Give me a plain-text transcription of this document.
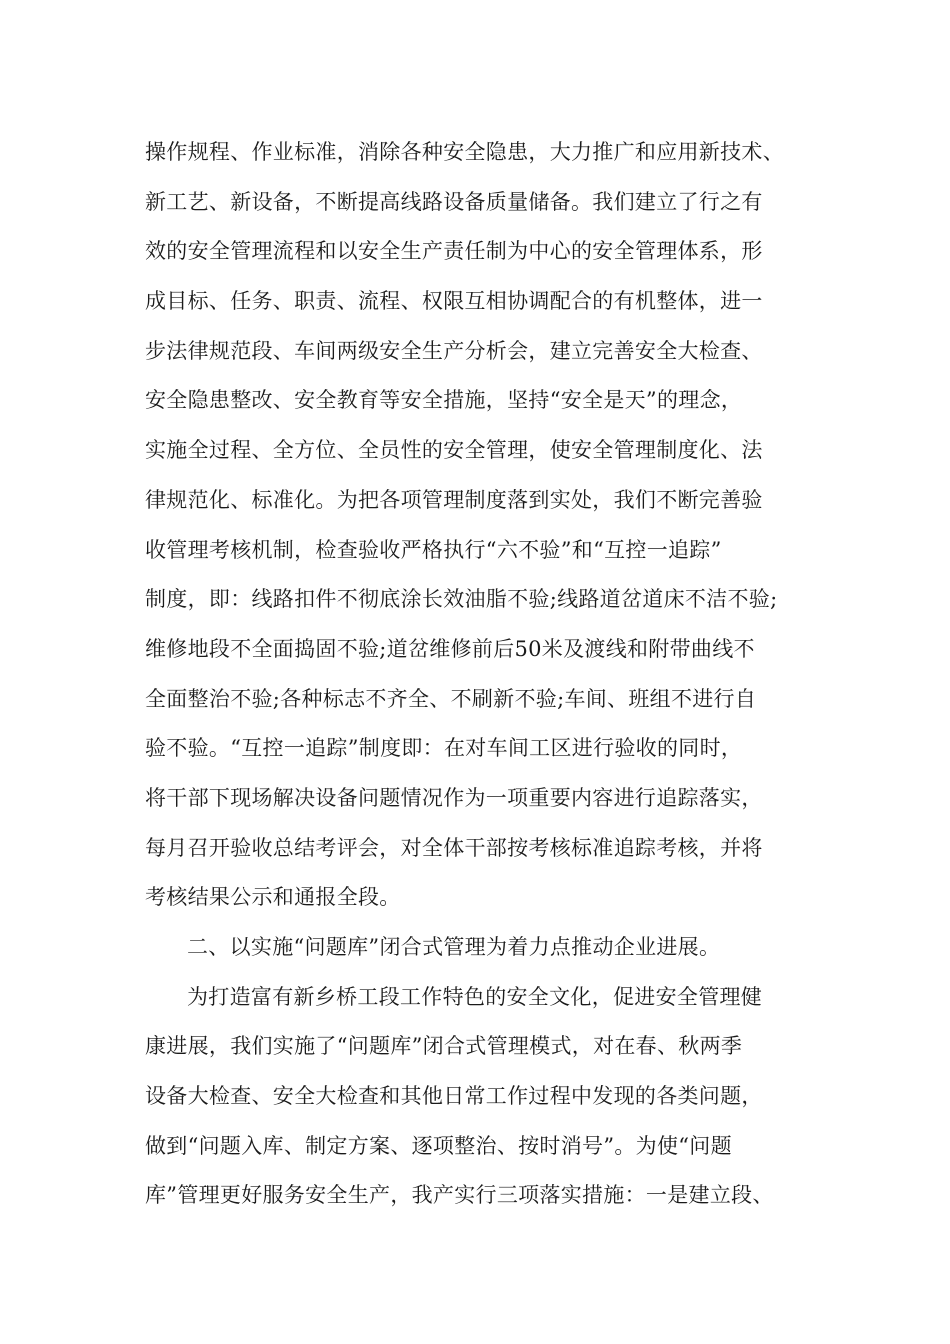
操作规程、作业标准，消除各种安全隐患，大力推广和应用新技术、
新工艺、新设备，不断提高线路设备质量储备。我们建立了行之有
效的安全管理流程和以安全生产责任制为中心的安全管理体系，形
成目标、任务、职责、流程、权限互相协调配合的有机整体，进一
步法律规范段、车间两级安全生产分析会，建立完善安全大检查、
安全隐患整改、安全教育等安全措施，坚持“安全是天”的理念，
实施全过程、全方位、全员性的安全管理，使安全管理制度化、法
律规范化、标准化。为把各项管理制度落到实处，我们不断完善验
收管理考核机制，检查验收严格执行“六不验”和“互控一追踪”
制度，即：线路扣件不彻底涂长效油脂不验;线路道岔道床不洁不验;
维修地段不全面捣固不验;道岔维修前后50米及渡线和附带曲线不
全面整治不验;各种标志不齐全、不刷新不验;车间、班组不进行自
验不验。“互控一追踪”制度即：在对车间工区进行验收的同时，
将干部下现场解决设备问题情况作为一项重要内容进行追踪落实，
每月召开验收总结考评会，对全体干部按考核标准追踪考核，并将
考核结果公示和通报全段。
二、以实施“问题库”闭合式管理为着力点推动企业进展。
为打造富有新乡桥工段工作特色的安全文化，促进安全管理健
康进展，我们实施了“问题库”闭合式管理模式，对在春、秋两季
设备大检查、安全大检查和其他日常工作过程中发现的各类问题，
做到“问题入库、制定方案、逐项整治、按时消号”。为使“问题
库”管理更好服务安全生产，我产实行三项落实措施：一是建立段、
